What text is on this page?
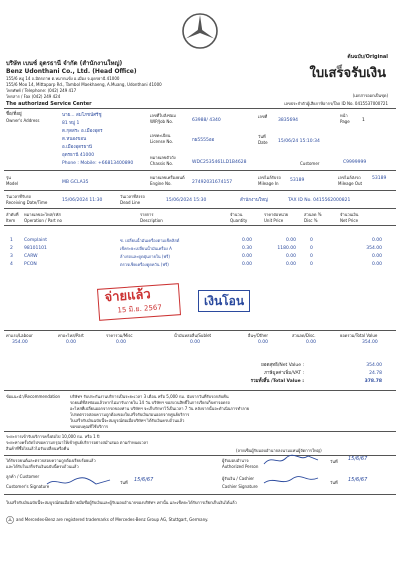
ต้นฉบับ/Original
บริษัท เบนซ์ อุดรธานี จำกัด (สำนักงานใหญ่)
Benz Udonthani Co., Ltd. (Head Office)
155/6 หมู่ 14 ถ.มิตรภาพ ต.หมากแข้ง อ.เมือง จ.อุดรธานี 41000
155/6 Moo 14, Mittaparp Rd., Tambol Maekhaeng, A.Muang, Udonthani 41000
โทรศัพท์ / Telephone: (042) 249 417
โทรสาร / Fax (042) 249 424
ใบเสร็จรับเงิน
(เอกสารออกเป็นชุด)
The authorized Service Center	เลขประจำตัวผู้เสียภาษีอากร/Tax ID No. 0415537000721
ชื่อ/ที่อยู่
Owner's Address
นาย... สมโภชน์ศรีชู
81 หมู่ 1
ต.กุดสระ อ.เมืองอุดร
ต.หนองขอน
อ.เมืองอุดรธานี
อุดรธานี 41000
Phone : Mobile: +66813400890
เลขที่ใบสั่งซ่อม
WIP/Job No.	63988/ 4340
เลขทะเบียน
License No.	กผ5555ออ
หมายเลขตัวถัง
Chassis No.	WDC2535461LD1B4628
เลขที่
3835694
หน้า
Page	1
วันที่
Date 15/06/24 15:10:34
Customer	C9999999
รุ่น
Model	MB GCLA35
หมายเลขเครื่องยนต์
Engine No.	27492031674157
เลขไมล์รับรถ
Mileage In
53189
เลขไมล์ส่งรถ
Mileage Out
53189
วันเวลาที่รับรถ
Receiving Date/Time	15/06/2024 11:30
วันเวลาที่ส่งรถ
Dead Line	15/06/2024 15:30	สำนักงานใหญ่	TAX ID No. 0415562000821
ลำดับที่
Item
หมายเลขอะไหล่/รหัส
Operation / Part no
รายการ
Description
จำนวน
Quantity
ราคาต่อหน่วย
Unit Price
ส่วนลด %
Disc %
จำนวนเงิน
Net Price
1 Complaint	ซ. เปลี่ยนน้ำมันเครื่องตามเช็คลิสต์	0.00	0.00	0	0.00
2 98101101	เช็คระยะเปลี่ยนน้ำมันเครื่อง A	0.30	1180.00	0	354.00
3 CARW	ล้างรถและดูดฝุ่นภายใน (ฟรี)	0.00	0.00	0	0.00
4 PCON	ตรวจเช็คเครื่องดูดควัน (ฟรี)	0.00	0.00	0	0.00
จ่ายแล้ว
15 มิ.ย. 2567
เงินโอน
ค่าแรง/Labour	ค่าอะไหล่/Part	ราคารวม/Misc	น้ำมันหล่อลื่น/Sublet	อื่นๆ/Other	ส่วนลด/Disc.	ยอดรวม/Total Value
354.00	0.00	0.00	0.00	0.00	0.00	354.00
ยอดสุทธิ/Net Value :	354.00
ภาษีมูลค่าเพิ่ม/VAT :	24.78
รวมทั้งสิ้น /Total Value :	378.78
ข้อแนะนำ/Recommendation บริษัทฯ รับประกันงานบริการเป็นระยะเวลา 3 เดือน หรือ 5,000 กม. นับจากวันที่รับรถกลับคืน
รถยนต์ที่ส่งซ่อมแล้วหากไม่มารับภายใน 14 วัน บริษัทฯ ขอสงวนสิทธิ์ในการเรียกเก็บค่าจอดรถ
อะไหล่ที่เปลี่ยนออกจากรถของท่าน บริษัทฯ จะเก็บรักษาไว้เป็นเวลา 7 วัน หลังจากนั้นจะดำเนินการทำลาย
โปรดตรวจสอบความถูกต้องของใบเสร็จรับเงินก่อนออกจากศูนย์บริการ
ใบเสร็จรับเงินฉบับนี้จะสมบูรณ์ต่อเมื่อบริษัทฯ ได้รับเงินครบถ้วนแล้ว
ขอขอบคุณที่ใช้บริการ
ระยะการเข้ารับบริการครั้งต่อไป 10,000 กม. หรือ 1 ปี
ระยะทางครั้งถัดไปขอความกรุณาให้เข้าศูนย์บริการอย่างสม่ำเสมอ ตามกำหนดเวลา
สินค้าที่ซื้อไปแล้วไม่รับเปลี่ยนหรือคืน	(ลายเซ็นผู้รับมอบอำนาจลงนามแทนผู้จัดการใหญ่)
ได้รับรถยนต์และตรวจสอบความถูกต้องเรียบร้อยแล้ว
และได้รับใบเสร็จรับเงินฉบับนี้ครบถ้วนแล้ว
ผู้รับมอบอำนาจ
Authorized Person
วันที่ 15/6/67
ลูกค้า / Customer
Customer's Signature
วันที่ 15/6/67	ผู้รับเงิน / Cashier
Cashier Signature
วันที่ 15/6/67
ใบเสร็จรับเงินฉบับนี้จะสมบูรณ์ต่อเมื่อมีลายมือชื่อผู้รับเงินและผู้รับมอบอำนาจของบริษัทฯ เท่านั้น และเช็คจะได้รับการเรียกเก็บเงินได้แล้ว
and Mercedes-Benz are registered trademarks of Mercedes-Benz Group AG, Stuttgart, Germany.
